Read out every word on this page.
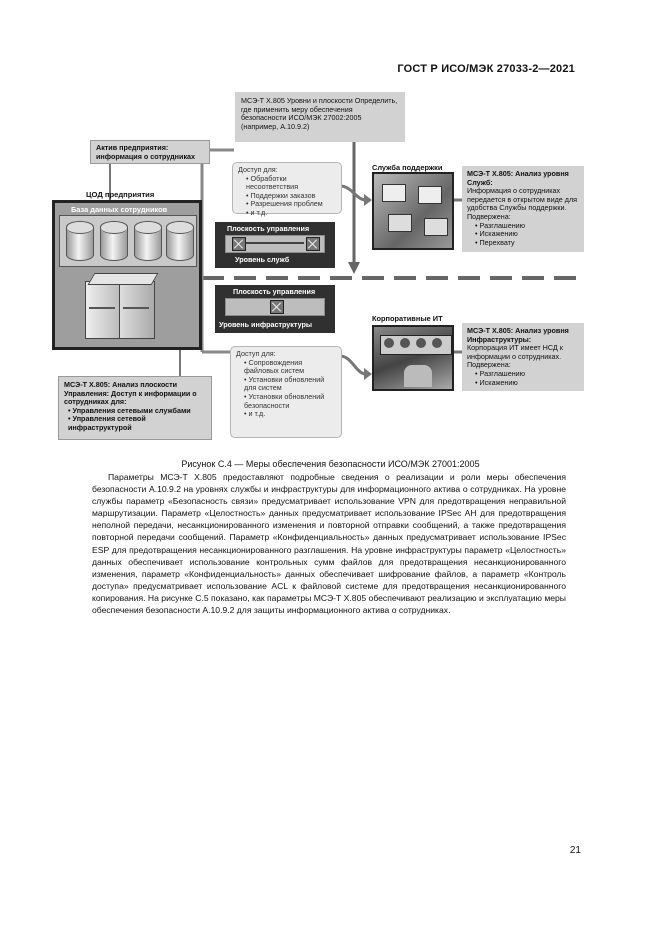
ГОСТ Р ИСО/МЭК 27033-2—2021
МСЭ-Т X.805 Уровни и плоскости Определить, где применить меру обеспечения безопасности ИСО/МЭК 27002:2005 (например, А.10.9.2)
Актив предприятия: информация о сотрудниках
ЦОД предприятия
База данных сотрудников
Доступ для:
• Обработки несоответствия
• Поддержки заказов
• Разрешения проблем
• и т.д.
Плоскость управления
Уровень служб
Плоскость управления
Уровень инфраструктуры
Служба поддержки
Корпоративные ИТ
МСЭ-Т X.805: Анализ уровня Служб:
Информация о сотрудниках передается в открытом виде для удобства Службы поддержки. Подвержена:
• Разглашению
• Искажению
• Перехвату
МСЭ-Т X.805: Анализ уровня Инфраструктуры:
Корпорация ИТ имеет НСД к информации о сотрудниках. Подвержена:
• Разглашению
• Искажению
МСЭ-Т X.805: Анализ плоскости Управления: Доступ к информации о сотрудниках для:
• Управления сетевыми службами
• Управления сетевой инфраструктурой
Доступ для:
• Сопровождения файловых систем
• Установки обновлений для систем
• Установки обновлений безопасности
• и т.д.
Рисунок С.4 — Меры обеспечения безопасности ИСО/МЭК 27001:2005

Параметры МСЭ-Т X.805 предоставляют подробные сведения о реализации и роли меры обеспечения безопасности А.10.9.2 на уровнях службы и инфраструктуры для информационного актива о сотрудниках. На уровне службы параметр «Безопасность связи» предусматривает использование VPN для предотвращения неправильной маршрутизации. Параметр «Целостность» данных предусматривает использование IPSec AH для предотвращения неполной передачи, несанкционированного изменения и повторной отправки сообщений, а также предотвращения повторной передачи сообщений. Параметр «Конфиденциальность» данных предусматривает использование IPSec ESP для предотвращения несанкционированного разглашения. На уровне инфраструктуры параметр «Целостность» данных обеспечивает использование контрольных сумм файлов для предотвращения несанкционированного изменения, параметр «Конфиденциальность» данных обеспечивает шифрование файлов, а параметр «Контроль доступа» предусматривает использование ACL к файловой системе для предотвращения несанкционированного копирования. На рисунке С.5 показано, как параметры МСЭ-Т X.805 обеспечивают реализацию и эксплуатацию меры обеспечения безопасности А.10.9.2 для защиты информационного актива о сотрудниках.

21
